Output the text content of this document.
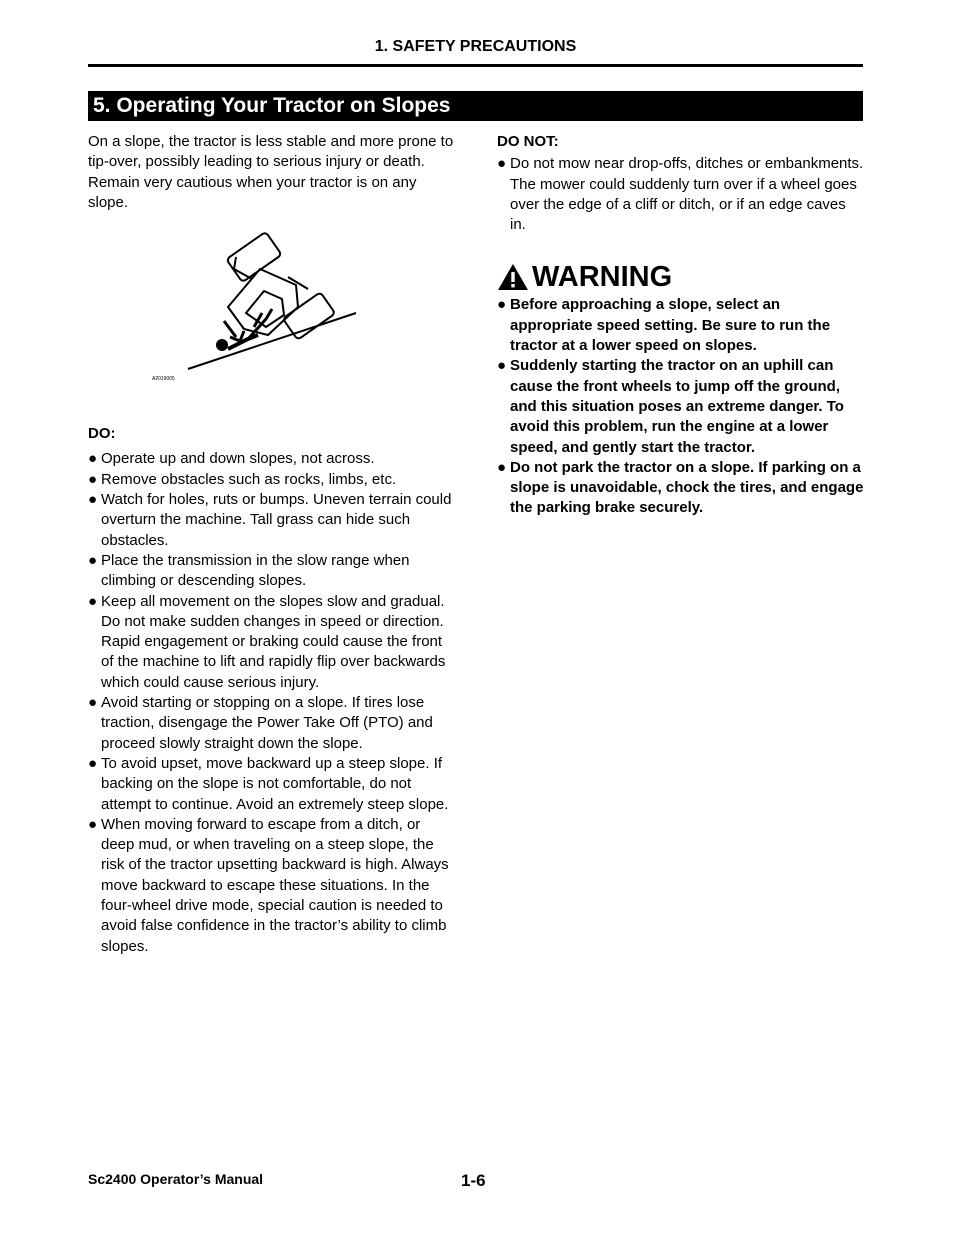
1. SAFETY PRECAUTIONS
5. Operating Your Tractor on Slopes

On a slope, the tractor is less stable and more prone to tip-over, possibly leading to serious injury or death. Remain very cautious when your tractor is on any slope.

A2019005

DO:

● Operate up and down slopes, not across.
● Remove obstacles such as rocks, limbs, etc.
● Watch for holes, ruts or bumps. Uneven terrain could overturn the machine. Tall grass can hide such obstacles.
● Place the transmission in the slow range when climbing or descending slopes.
● Keep all movement on the slopes slow and gradual. Do not make sudden changes in speed or direction. Rapid engagement or braking could cause the front of the machine to lift and rapidly flip over backwards which could cause serious injury.
● Avoid starting or stopping on a slope. If tires lose traction, disengage the Power Take Off (PTO) and proceed slowly straight down the slope.
● To avoid upset, move backward up a steep slope. If backing on the slope is not comfortable, do not attempt to continue. Avoid an extremely steep slope.
● When moving forward to escape from a ditch, or deep mud, or when traveling on a steep slope, the risk of the tractor upsetting backward is high. Always move backward to escape these situations. In the four-wheel drive mode, special caution is needed to avoid false confidence in the tractor’s ability to climb slopes.

DO NOT:

● Do not mow near drop-offs, ditches or embankments. The mower could suddenly turn over if a wheel goes over the edge of a cliff or ditch, or if an edge caves in.
WARNING
● Before approaching a slope, select an appropriate speed setting. Be sure to run the tractor at a lower speed on slopes.
● Suddenly starting the tractor on an uphill can cause the front wheels to jump off the ground, and this situation poses an extreme danger. To avoid this problem, run the engine at a lower speed, and gently start the tractor.
● Do not park the tractor on a slope. If parking on a slope is unavoidable, chock the tires, and engage the parking brake securely.
Sc2400 Operator’s Manual	1-6
